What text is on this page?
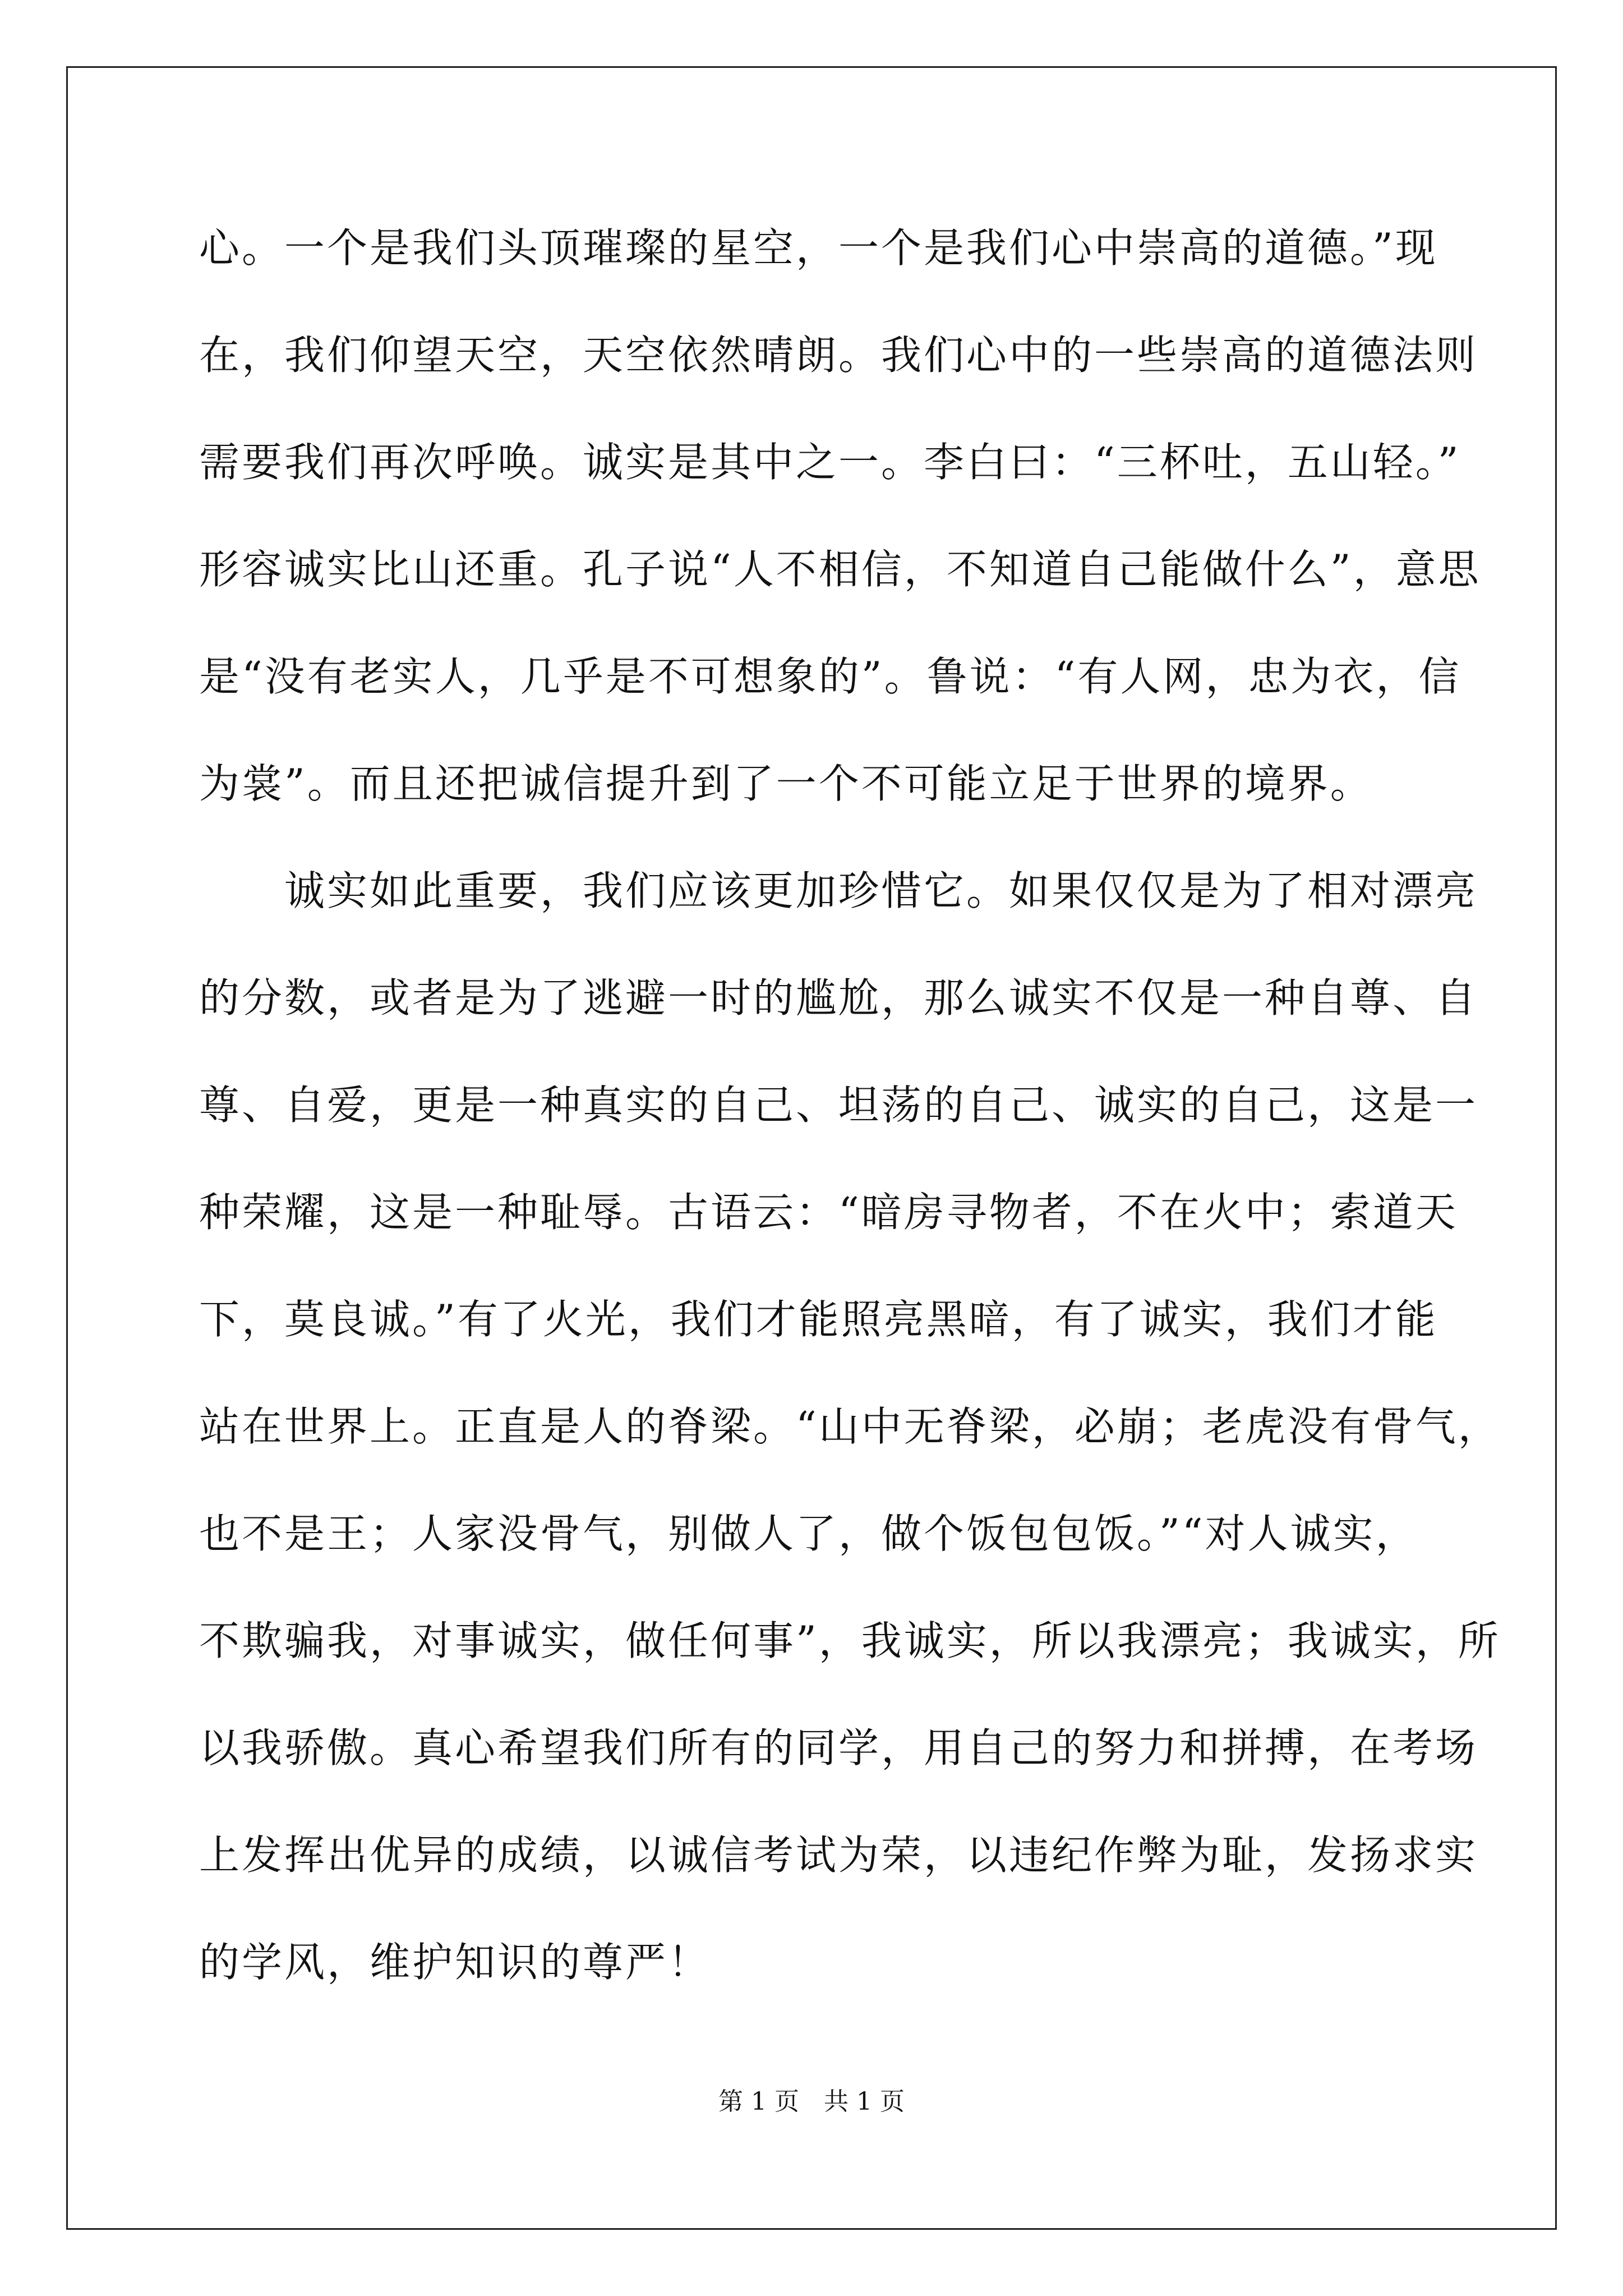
心。一个是我们头顶璀璨的星空，一个是我们心中崇高的道德。”现
在，我们仰望天空，天空依然晴朗。我们心中的一些崇高的道德法则
需要我们再次呼唤。诚实是其中之一。李白曰：“三杯吐，五山轻。”
形容诚实比山还重。孔子说“人不相信，不知道自己能做什么”，意思
是“没有老实人，几乎是不可想象的”。鲁说：“有人网，忠为衣，信
为裳”。而且还把诚信提升到了一个不可能立足于世界的境界。
　　诚实如此重要，我们应该更加珍惜它。如果仅仅是为了相对漂亮
的分数，或者是为了逃避一时的尴尬，那么诚实不仅是一种自尊、自
尊、自爱，更是一种真实的自己、坦荡的自己、诚实的自己，这是一
种荣耀，这是一种耻辱。古语云：“暗房寻物者，不在火中；索道天
下，莫良诚。”有了火光，我们才能照亮黑暗，有了诚实，我们才能
站在世界上。正直是人的脊梁。“山中无脊梁，必崩；老虎没有骨气，
也不是王；人家没骨气，别做人了，做个饭包包饭。”“对人诚实，
不欺骗我，对事诚实，做任何事”，我诚实，所以我漂亮；我诚实，所
以我骄傲。真心希望我们所有的同学，用自己的努力和拼搏，在考场
上发挥出优异的成绩，以诚信考试为荣，以违纪作弊为耻，发扬求实
的学风，维护知识的尊严！
第 1 页　共 1 页
